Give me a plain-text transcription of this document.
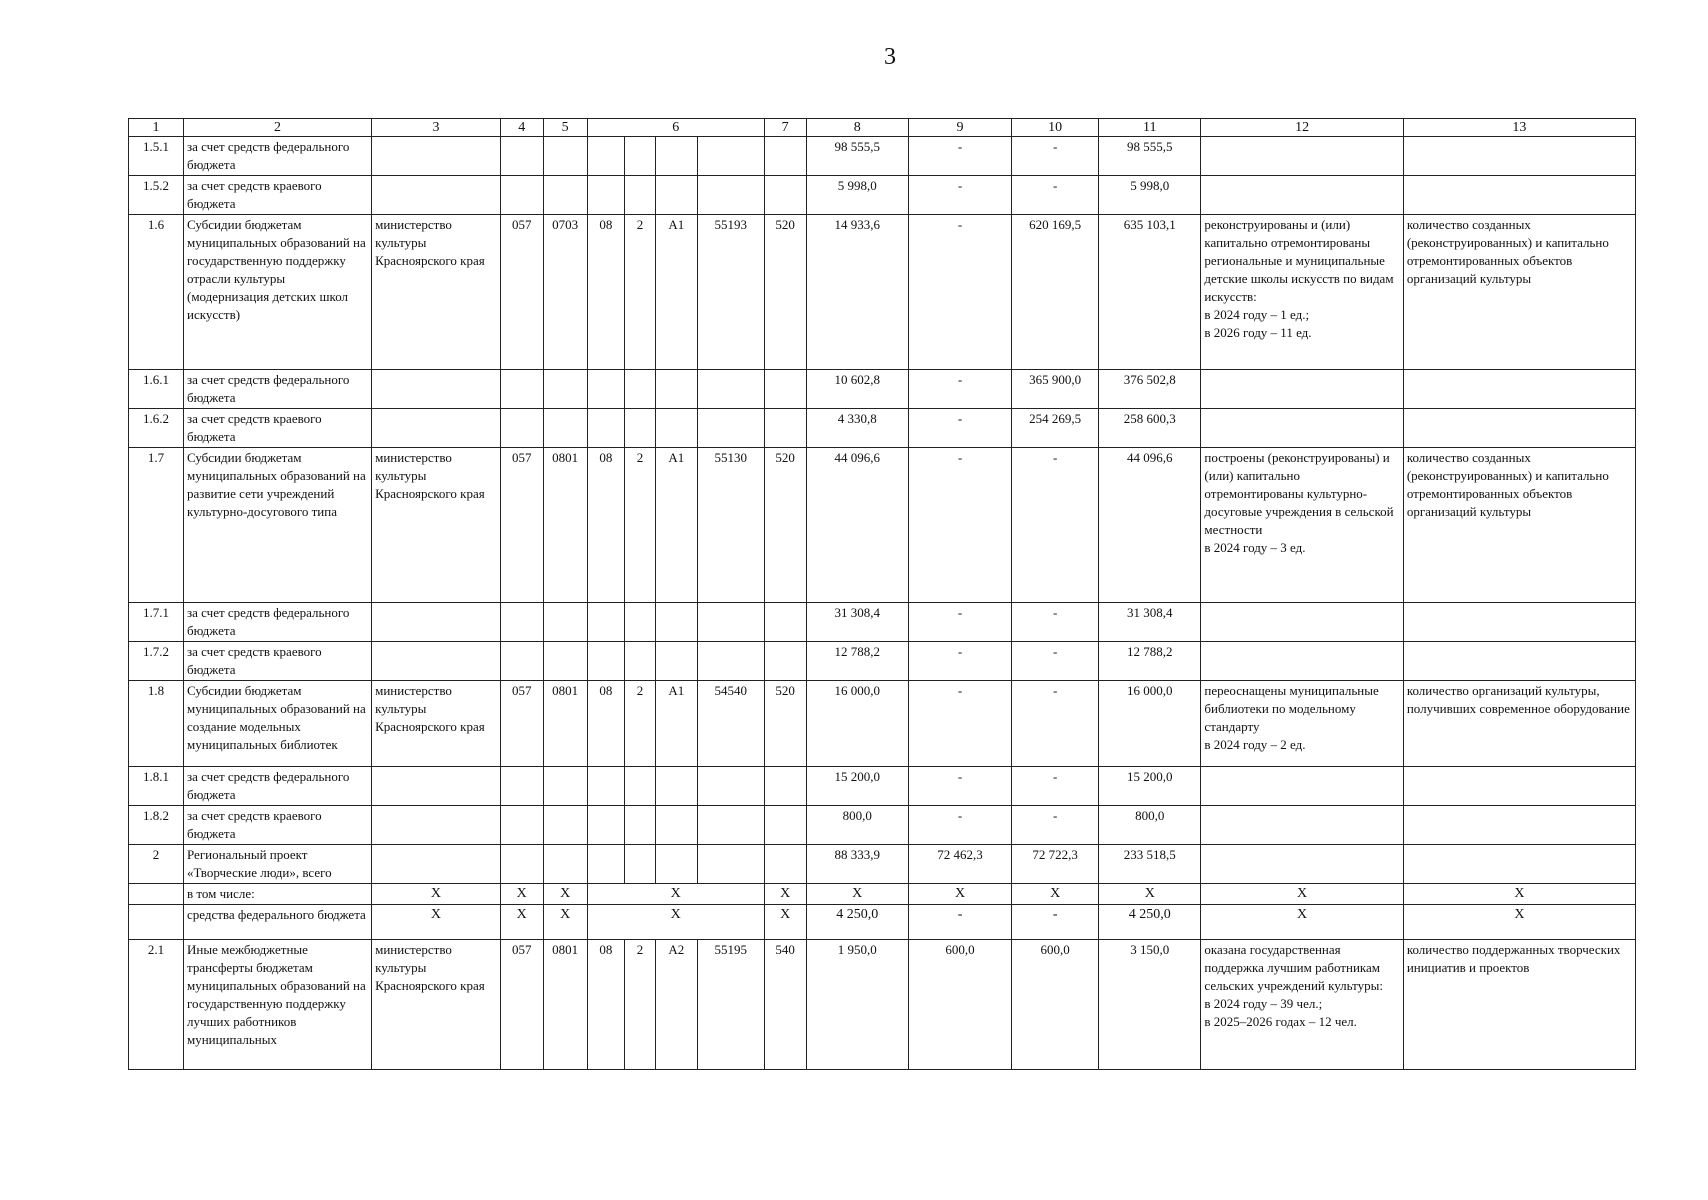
3
1	2	3	4	5	6				7	8	9	10	11	12	13
1.5.1	за счет средств федерального бюджета									98 555,5	-	-	98 555,5		
1.5.2	за счет средств краевого бюджета									5 998,0	-	-	5 998,0		
1.6	Субсидии бюджетам муниципальных образований на государственную поддержку отрасли культуры (модернизация детских школ искусств)	министерство культуры Красноярского края	057	0703	08	2	A1	55193	520	14 933,6	-	620 169,5	635 103,1	реконструированы и (или) капитально отремонтированы региональные и муниципальные детские школы искусств по видам искусств:
в 2024 году – 1 ед.;
в 2026 году – 11 ед.	количество созданных (реконструированных) и капитально отремонтированных объектов организаций культуры
1.6.1	за счет средств федерального бюджета									10 602,8	-	365 900,0	376 502,8		
1.6.2	за счет средств краевого бюджета									4 330,8	-	254 269,5	258 600,3		
1.7	Субсидии бюджетам муниципальных образований на развитие сети учреждений культурно-досугового типа	министерство культуры Красноярского края	057	0801	08	2	A1	55130	520	44 096,6	-	-	44 096,6	построены (реконструированы) и (или) капитально отремонтированы культурно-досуговые учреждения в сельской местности
в 2024 году – 3 ед.	количество созданных (реконструированных) и капитально отремонтированных объектов организаций культуры
1.7.1	за счет средств федерального бюджета									31 308,4	-	-	31 308,4		
1.7.2	за счет средств краевого бюджета									12 788,2	-	-	12 788,2		
1.8	Субсидии бюджетам муниципальных образований на создание модельных муниципальных библиотек	министерство культуры Красноярского края	057	0801	08	2	A1	54540	520	16 000,0	-	-	16 000,0	переоснащены муниципальные библиотеки по модельному стандарту
в 2024 году – 2 ед.	количество организаций культуры, получивших современное оборудование
1.8.1	за счет средств федерального бюджета									15 200,0	-	-	15 200,0		
1.8.2	за счет средств краевого бюджета									800,0	-	-	800,0		
2	Региональный проект «Творческие люди», всего									88 333,9	72 462,3	72 722,3	233 518,5		
	в том числе:	Х	Х	Х	Х				Х	Х	Х	Х	Х	Х	Х
	средства федерального бюджета	Х	Х	Х	Х				Х	4 250,0	-	-	4 250,0	Х	Х
2.1	Иные межбюджетные трансферты бюджетам муниципальных образований на государственную поддержку лучших работников муниципальных	министерство культуры Красноярского края	057	0801	08	2	A2	55195	540	1 950,0	600,0	600,0	3 150,0	оказана государственная поддержка лучшим работникам сельских учреждений культуры:
в 2024 году – 39 чел.;
в 2025–2026 годах – 12 чел.	количество поддержанных творческих инициатив и проектов
